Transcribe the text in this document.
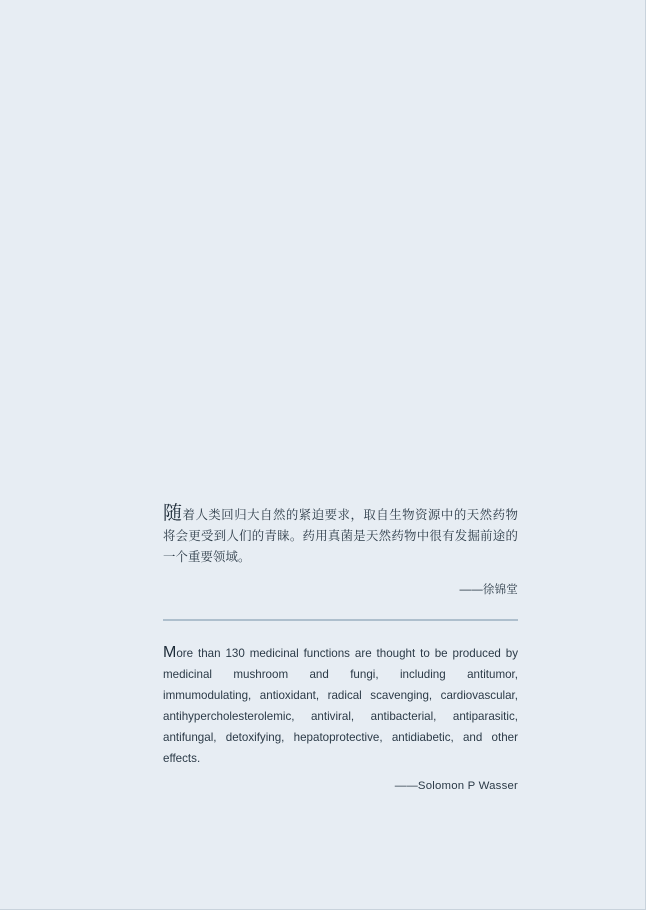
随着人类回归大自然的紧迫要求，取自生物资源中的天然药物将会更受到人们的青睐。药用真菌是天然药物中很有发掘前途的一个重要领域。

——徐锦堂

More than 130 medicinal functions are thought to be produced by medicinal mushroom and fungi, including antitumor, immumodulating, antioxidant, radical scavenging, cardiovascular, antihypercholesterolemic, antiviral, antibacterial, antiparasitic, antifungal, detoxifying, hepatoprotective, antidiabetic, and other effects.

——Solomon P Wasser
